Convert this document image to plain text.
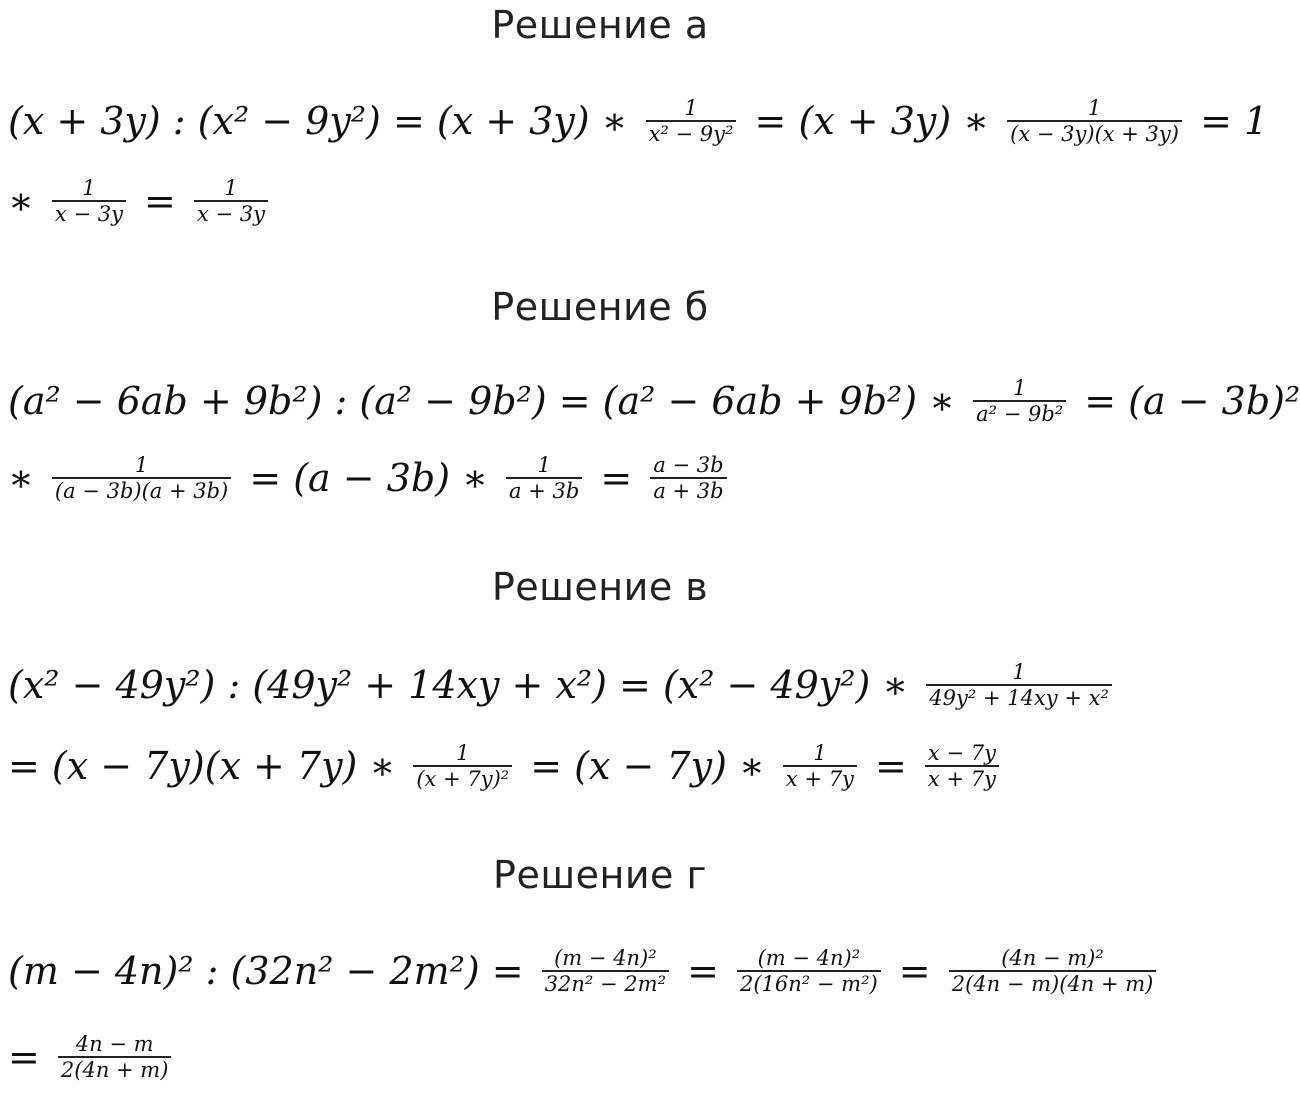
Решение а
(x + 3y) : (x² − 9y²) = (x + 3y) ∗ $\frac{1}{\text{x² − 9y²}} = (x + 3y)$ ∗ $\frac{1}{(x - 3y)(x + 3y)} = 1$
∗ $\frac{1}{x - 3y} = \frac{1}{x - 3y}$
Решение б
(a² − 6ab + 9b²) : (a² − 9b²) = (a² − 6ab + 9b²) ∗ $\frac{1}{\text{a² − 9b²}} = (a - 3b)^2$
∗ $\frac{1}{(a - 3b)(a + 3b)} = (a - 3b)$ ∗ $\frac{1}{a + 3b} = \frac{a - 3b}{a + 3b}$
Решение в
(x² − 49y²) : (49y² + 14xy + x²) = (x² − 49y²) ∗ $\frac{1}{\text{49y² + 14xy + x²}}$
= (x − 7y)(x + 7y) ∗ $\frac{1}{\text{(x + 7y)²}} = (x - 7y)$ ∗ $\frac{1}{x + 7y} = \frac{x - 7y}{x + 7y}$
Решение г
(m − 4n)² : $(32n^2 - 2m^2) = \frac{\text{(m − 4n)²}}{\text{32n² − 2m²}} = \frac{\text{(m − 4n)²}}{\text{2(16n² − m²)}} = \frac{\text{(4n − m)²}}{2(4n - m)(4n + m)}$
= $\frac{4n - m}{2(4n + m)}$
